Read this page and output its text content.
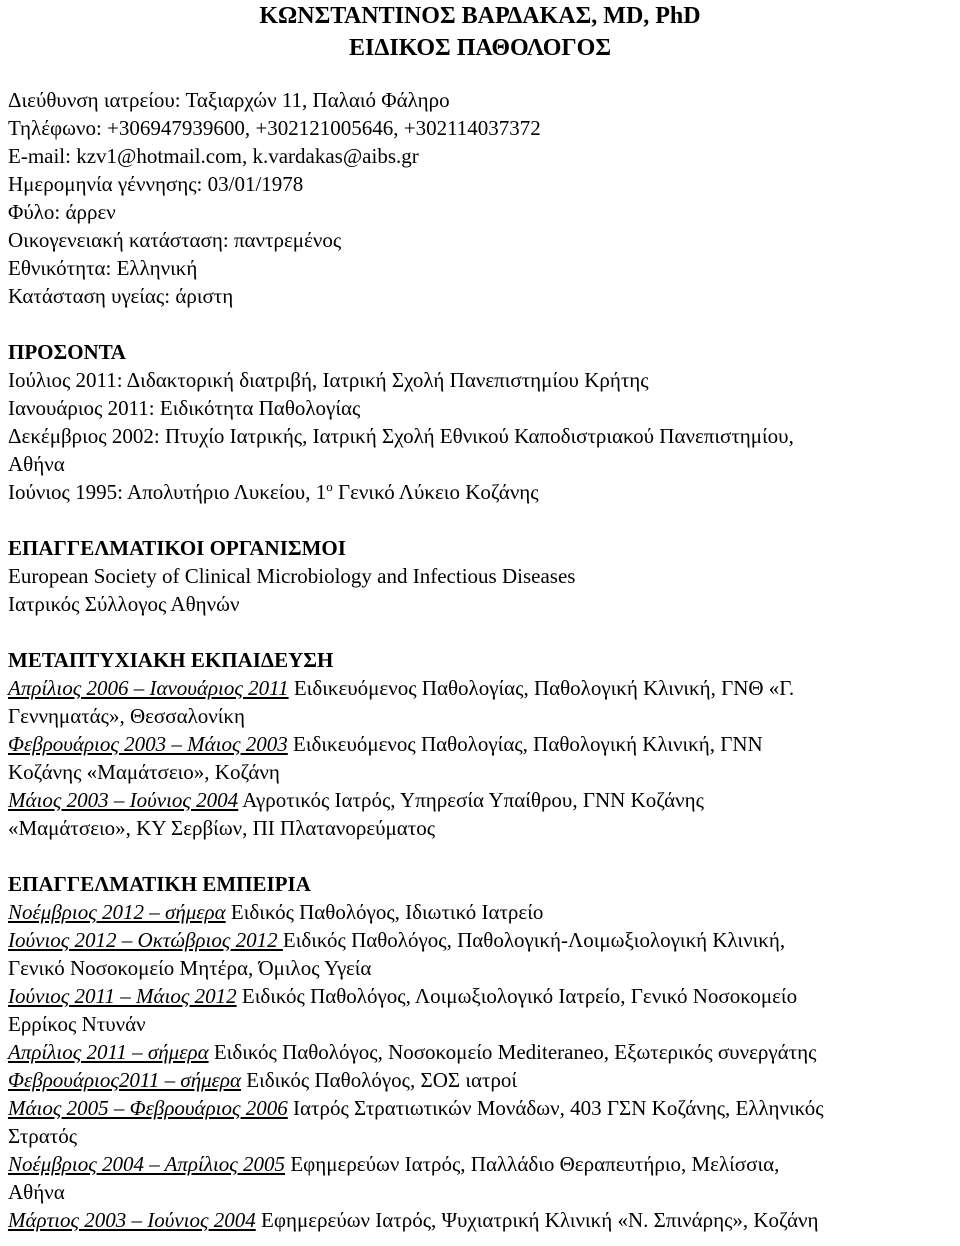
ΚΩΝΣΤΑΝΤΙΝΟΣ ΒΑΡΔΑΚΑΣ, MD, PhD
ΕΙΔΙΚΟΣ ΠΑΘΟΛΟΓΟΣ
Διεύθυνση ιατρείου: Ταξιαρχών 11, Παλαιό Φάληρο
Τηλέφωνο: +306947939600, +302121005646, +302114037372
E-mail: kzv1@hotmail.com, k.vardakas@aibs.gr
Ημερομηνία γέννησης: 03/01/1978
Φύλο: άρρεν
Οικογενειακή κατάσταση: παντρεμένος
Εθνικότητα: Ελληνική
Κατάσταση υγείας: άριστη
ΠΡΟΣΟΝΤΑ
Ιούλιος 2011: Διδακτορική διατριβή, Ιατρική Σχολή Πανεπιστημίου Κρήτης
Ιανουάριος 2011: Ειδικότητα Παθολογίας
Δεκέμβριος 2002: Πτυχίο Ιατρικής, Ιατρική Σχολή Εθνικού Καποδιστριακού Πανεπιστημίου,
Αθήνα
Ιούνιος 1995: Απολυτήριο Λυκείου, $1^o$ Γενικό Λύκειο Κοζάνης
ΕΠΑΓΓΕΛΜΑΤΙΚΟΙ ΟΡΓΑΝΙΣΜΟΙ
European Society of Clinical Microbiology and Infectious Diseases
Ιατρικός Σύλλογος Αθηνών
ΜΕΤΑΠΤΥΧΙΑΚΗ ΕΚΠΑΙΔΕΥΣΗ
Απρίλιος 2006 – Ιανουάριος 2011 Ειδικευόμενος Παθολογίας, Παθολογική Κλινική, ΓΝΘ «Γ.
Γεννηματάς», Θεσσαλονίκη
Φεβρουάριος 2003 – Μάιος 2003 Ειδικευόμενος Παθολογίας, Παθολογική Κλινική, ΓΝΝ
Κοζάνης «Μαμάτσειο», Κοζάνη
Μάιος 2003 – Ιούνιος 2004 Αγροτικός Ιατρός, Υπηρεσία Υπαίθρου, ΓΝΝ Κοζάνης
«Μαμάτσειο», ΚΥ Σερβίων, ΠΙ Πλατανορεύματος
ΕΠΑΓΓΕΛΜΑΤΙΚΗ ΕΜΠΕΙΡΙΑ
Νοέμβριος 2012 – σήμερα Ειδικός Παθολόγος, Ιδιωτικό Ιατρείο
Ιούνιος 2012 – Οκτώβριος 2012 Ειδικός Παθολόγος, Παθολογική-Λοιμωξιολογική Κλινική,
Γενικό Νοσοκομείο Μητέρα, Όμιλος Υγεία
Ιούνιος 2011 – Μάιος 2012 Ειδικός Παθολόγος, Λοιμωξιολογικό Ιατρείο, Γενικό Νοσοκομείο
Ερρίκος Ντυνάν
Απρίλιος 2011 – σήμερα Ειδικός Παθολόγος, Νοσοκομείο Mediteraneo, Εξωτερικός συνεργάτης
Φεβρουάριος2011 – σήμερα Ειδικός Παθολόγος, ΣΟΣ ιατροί
Μάιος 2005 – Φεβρουάριος 2006 Ιατρός Στρατιωτικών Μονάδων, 403 ΓΣΝ Κοζάνης, Ελληνικός
Στρατός
Νοέμβριος 2004 – Απρίλιος 2005 Εφημερεύων Ιατρός, Παλλάδιο Θεραπευτήριο, Μελίσσια,
Αθήνα
Μάρτιος 2003 – Ιούνιος 2004 Εφημερεύων Ιατρός, Ψυχιατρική Κλινική «Ν. Σπινάρης», Κοζάνη
